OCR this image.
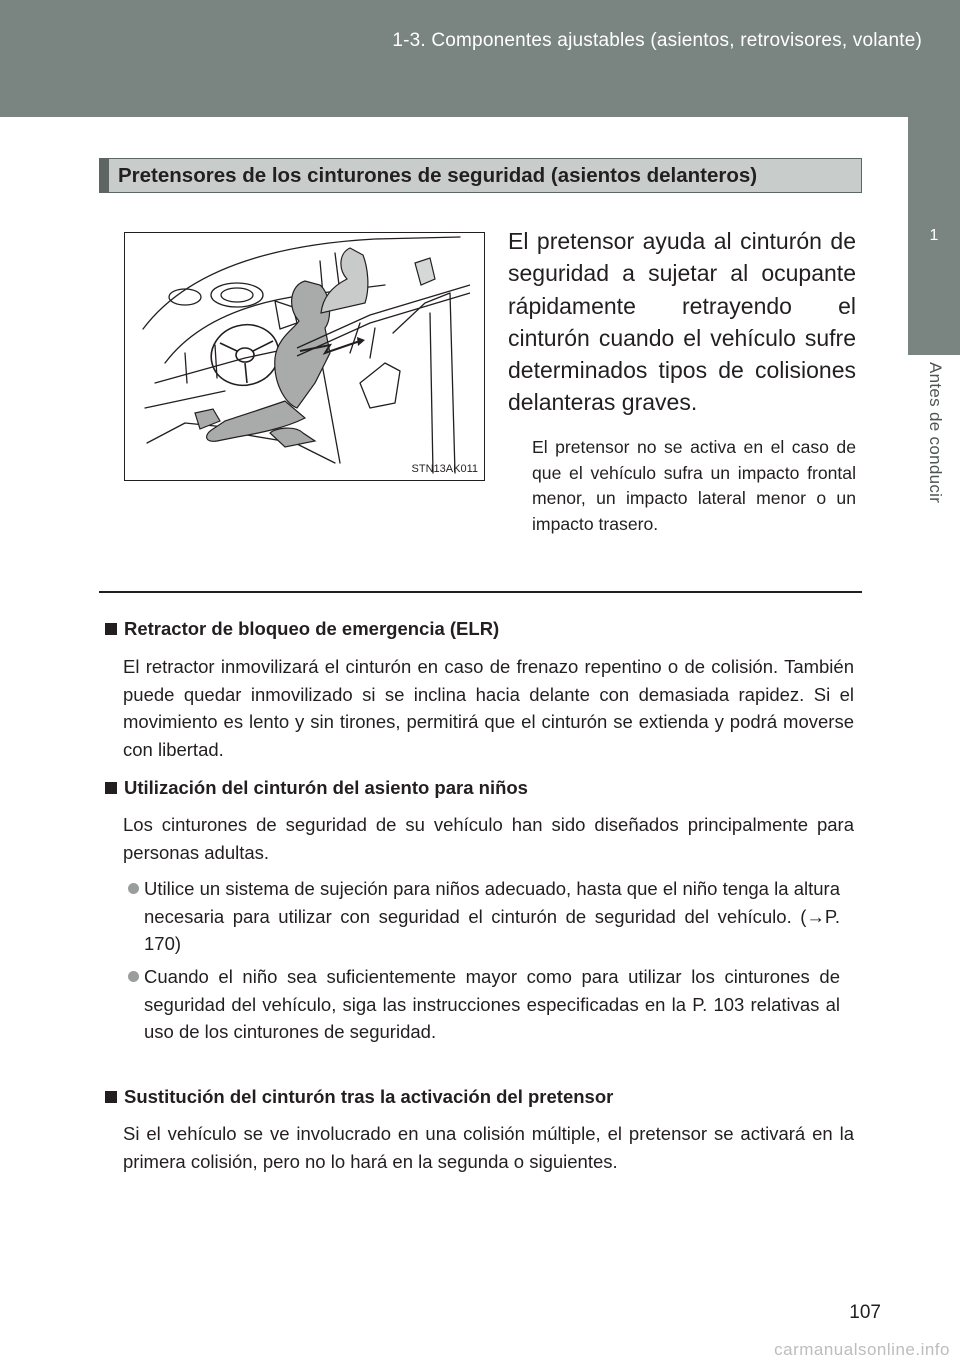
1-3. Componentes ajustables (asientos, retrovisores, volante)
1
Antes de conducir
Pretensores de los cinturones de seguridad (asientos delanteros)
STN13AK011

El pretensor ayuda al cinturón de seguridad a sujetar al ocupante rápidamente retrayendo el cinturón cuando el vehículo sufre determinados tipos de colisiones delanteras graves.

El pretensor no se activa en el caso de que el vehículo sufra un impacto frontal menor, un impacto lateral menor o un impacto trasero.

Retractor de bloqueo de emergencia (ELR)

El retractor inmovilizará el cinturón en caso de frenazo repentino o de colisión. También puede quedar inmovilizado si se inclina hacia delante con demasiada rapidez. Si el movimiento es lento y sin tirones, permitirá que el cinturón se extienda y podrá moverse con libertad.

Utilización del cinturón del asiento para niños

Los cinturones de seguridad de su vehículo han sido diseñados principalmente para personas adultas.

Utilice un sistema de sujeción para niños adecuado, hasta que el niño tenga la altura necesaria para utilizar con seguridad el cinturón de seguridad del vehículo. (→P. 170)
Cuando el niño sea suficientemente mayor como para utilizar los cinturones de seguridad del vehículo, siga las instrucciones especificadas en la P. 103 relativas al uso de los cinturones de seguridad.
Sustitución del cinturón tras la activación del pretensor

Si el vehículo se ve involucrado en una colisión múltiple, el pretensor se activará en la primera colisión, pero no lo hará en la segunda o siguientes.

107
carmanualsonline.info
